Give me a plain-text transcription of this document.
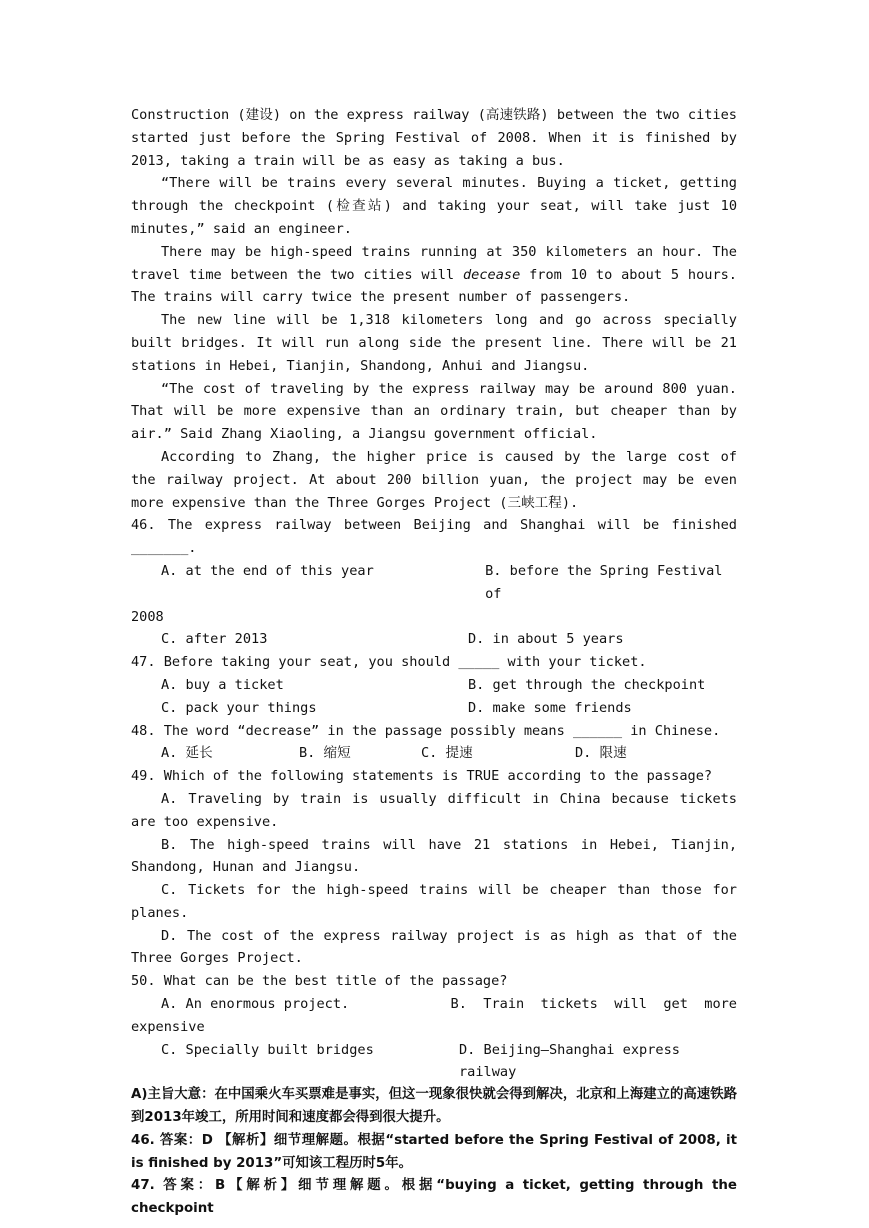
Construction (建设) on the express railway (高速铁路) between the two cities started just before the Spring Festival of 2008. When it is finished by 2013, taking a train will be as easy as taking a bus.

“There will be trains every several minutes. Buying a ticket, getting through the checkpoint (检查站) and taking your seat, will take just 10 minutes,” said an engineer.

There may be high-speed trains running at 350 kilometers an hour. The travel time between the two cities will decease from 10 to about 5 hours. The trains will carry twice the present number of passengers.

The new line will be 1,318 kilometers long and go across specially built bridges. It will run along side the present line. There will be 21 stations in Hebei, Tianjin, Shandong, Anhui and Jiangsu.

“The cost of traveling by the express railway may be around 800 yuan. That will be more expensive than an ordinary train, but cheaper than by air.” Said Zhang Xiaoling, a Jiangsu government official.

According to Zhang, the higher price is caused by the large cost of the railway project. At about 200 billion yuan, the project may be even more expensive than the Three Gorges Project (三峡工程).

46. The express railway between Beijing and Shanghai will be finished _______.

A. at the end of this year	B. before the Spring Festival of

2008

C. after 2013	D. in about 5 years

47. Before taking your seat, you should _____ with your ticket.

A. buy a ticket	B. get through the checkpoint
C. pack your things	D. make some friends

48. The word “decrease” in the passage possibly means ______ in Chinese.

A. 延长	B. 缩短	C. 提速	D. 限速

49. Which of the following statements is TRUE according to the passage?

A. Traveling by train is usually difficult in China because tickets are too expensive.

B. The high-speed trains will have 21 stations in Hebei, Tianjin, Shandong, Hunan and Jiangsu.

C. Tickets for the high-speed trains will be cheaper than those for planes.

D. The cost of the express railway project is as high as that of the Three Gorges Project.

50. What can be the best title of the passage?

A. An enormous project.	B.  Train  tickets  will  get  more

expensive

C. Specially built bridges	D. Beijing—Shanghai express railway

A)主旨大意：在中国乘火车买票难是事实，但这一现象很快就会得到解决，北京和上海建立的高速铁路到2013年竣工，所用时间和速度都会得到很大提升。

46. 答案：D 【解析】细节理解题。根据“started before the Spring Festival of 2008, it is finished by 2013”可知该工程历时5年。

47. 答案：B【解析】细节理解题。根据“buying a ticket, getting through the checkpoint
